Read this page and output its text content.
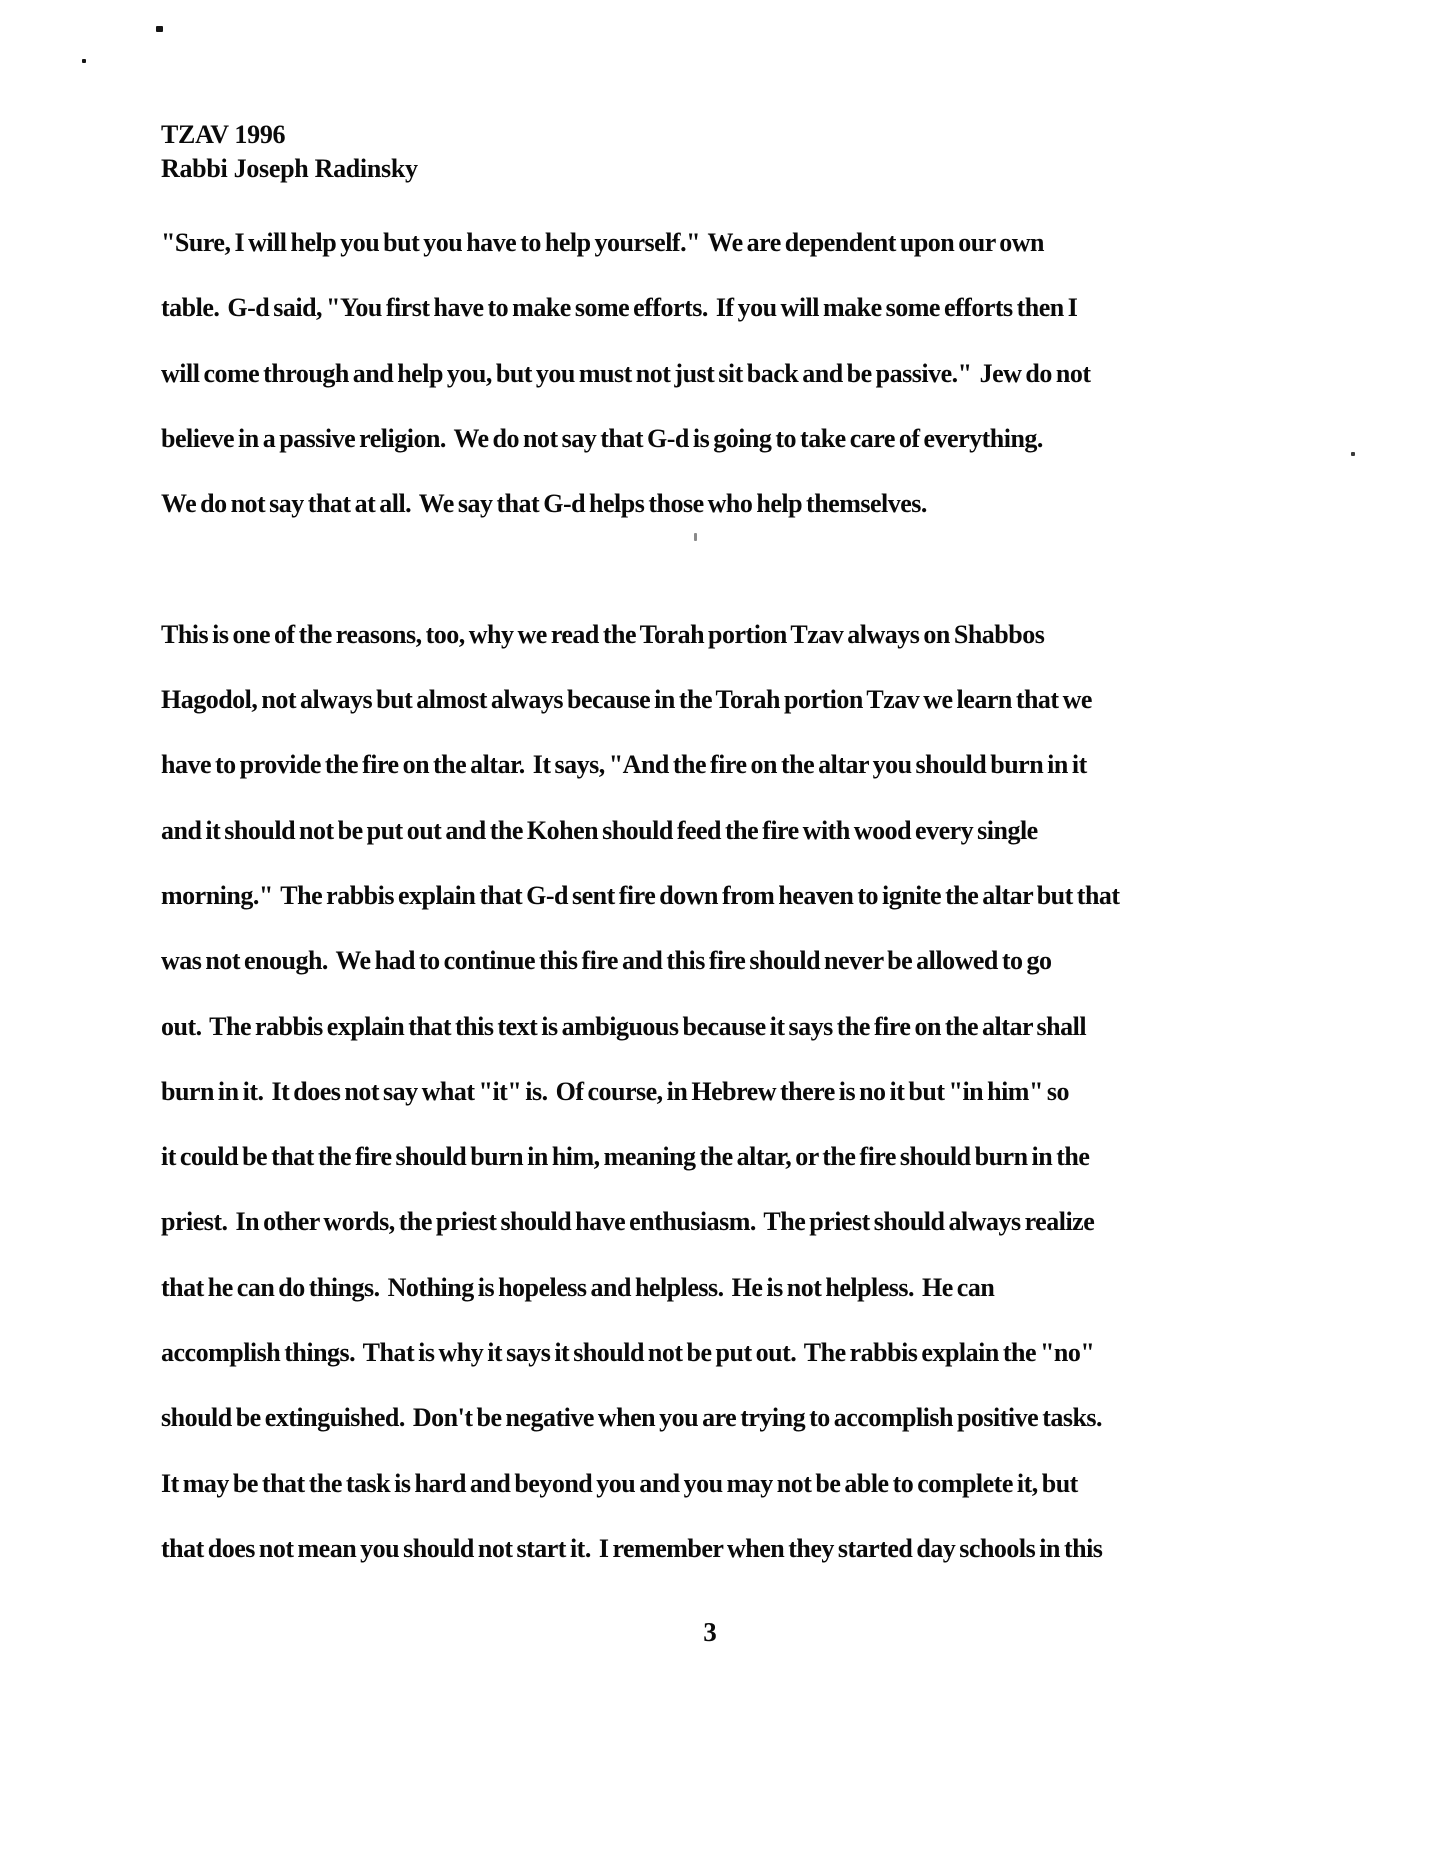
TZAV 1996
Rabbi Joseph Radinsky
"Sure, I will help you but you have to help yourself."  We are dependent upon our own
table.  G-d said, "You first have to make some efforts.  If you will make some efforts then I
will come through and help you, but you must not just sit back and be passive."  Jew do not
believe in a passive religion.  We do not say that G-d is going to take care of everything.
We do not say that at all.  We say that G-d helps those who help themselves.
This is one of the reasons, too, why we read the Torah portion Tzav always on Shabbos
Hagodol, not always but almost always because in the Torah portion Tzav we learn that we
have to provide the fire on the altar.  It says, "And the fire on the altar you should burn in it
and it should not be put out and the Kohen should feed the fire with wood every single
morning."  The rabbis explain that G-d sent fire down from heaven to ignite the altar but that
was not enough.  We had to continue this fire and this fire should never be allowed to go
out.  The rabbis explain that this text is ambiguous because it says the fire on the altar shall
burn in it.  It does not say what "it" is.  Of course, in Hebrew there is no it but "in him" so
it could be that the fire should burn in him, meaning the altar, or the fire should burn in the
priest.  In other words, the priest should have enthusiasm.  The priest should always realize
that he can do things.  Nothing is hopeless and helpless.  He is not helpless.  He can
accomplish things.  That is why it says it should not be put out.  The rabbis explain the "no"
should be extinguished.  Don't be negative when you are trying to accomplish positive tasks.
It may be that the task is hard and beyond you and you may not be able to complete it, but
that does not mean you should not start it.  I remember when they started day schools in this
3
